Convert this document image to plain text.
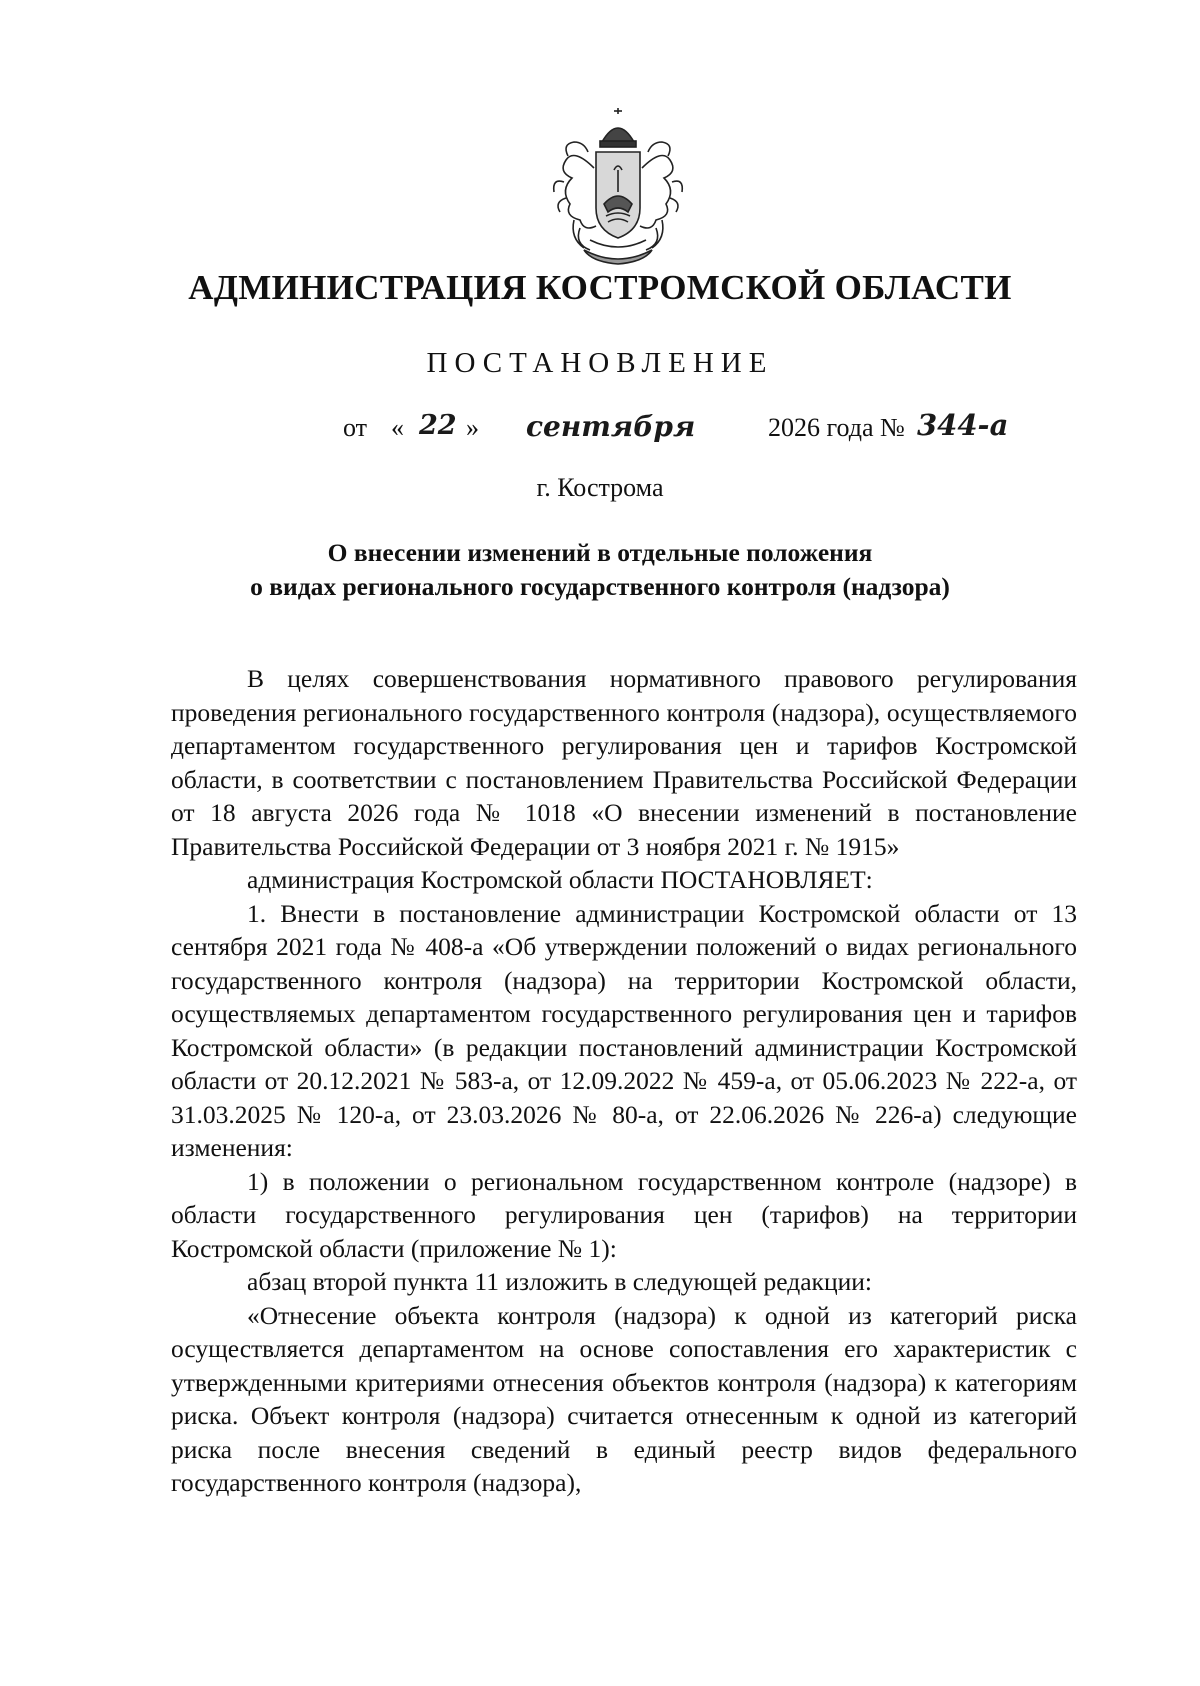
АДМИНИСТРАЦИЯ КОСТРОМСКОЙ ОБЛАСТИ
ПОСТАНОВЛЕНИЕ
от « 22 » сентября	2026 года № 344-а
г. Кострома
О внесении изменений в отдельные положения
о видах регионального государственного контроля (надзора)

В целях совершенствования нормативного правового регулирования проведения регионального государственного контроля (надзора), осуществляемого департаментом государственного регулирования цен и тарифов Костромской области, в соответствии с постановлением Правительства Российской Федерации от 18 августа 2026 года № 1018 «О внесении изменений в постановление Правительства Российской Федерации от 3 ноября 2021 г. № 1915»

администрация Костромской области ПОСТАНОВЛЯЕТ:

1. Внести в постановление администрации Костромской области от 13 сентября 2021 года № 408-а «Об утверждении положений о видах регионального государственного контроля (надзора) на территории Костромской области, осуществляемых департаментом государственного регулирования цен и тарифов Костромской области» (в редакции постановлений администрации Костромской области от 20.12.2021 № 583-а, от 12.09.2022 № 459-а, от 05.06.2023 № 222-а, от 31.03.2025 № 120-а, от 23.03.2026 № 80-а, от 22.06.2026 № 226-а) следующие изменения:

1) в положении о региональном государственном контроле (надзоре) в области государственного регулирования цен (тарифов) на территории Костромской области (приложение № 1):

абзац второй пункта 11 изложить в следующей редакции:

«Отнесение объекта контроля (надзора) к одной из категорий риска осуществляется департаментом на основе сопоставления его характеристик с утвержденными критериями отнесения объектов контроля (надзора) к категориям риска. Объект контроля (надзора) считается отнесенным к одной из категорий риска после внесения сведений в единый реестр видов федерального государственного контроля (надзора),
